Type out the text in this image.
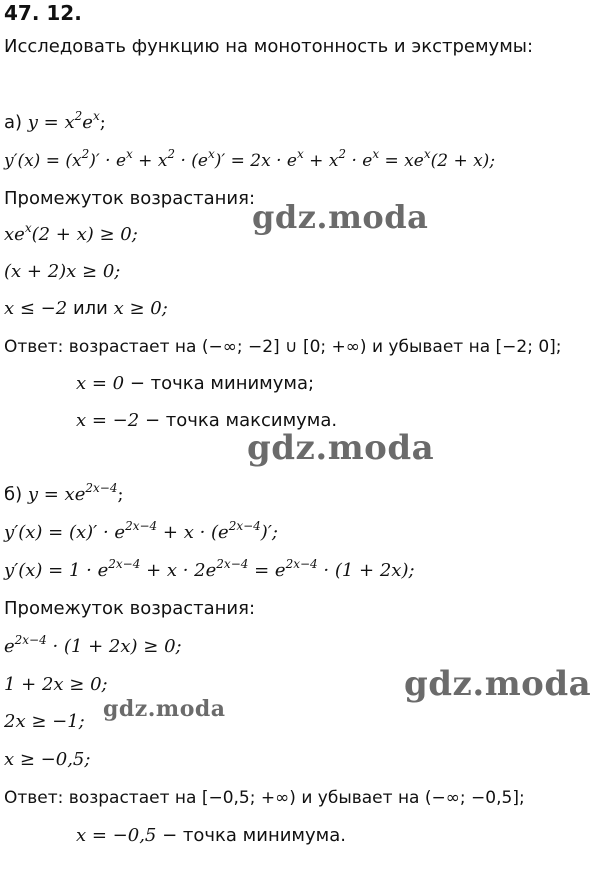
47. 12.
Исследовать функцию на монотонность и экстремумы:
а) $y = x^2e^x$;
$y'(x) = (x^2)' \cdot e^x + x^2 \cdot (e^x)' = 2x \cdot e^x + x^2 \cdot e^x = xe^x(2 + x)$;
Промежуток возрастания:
$xe^x(2 + x) \ge 0$;
(x + 2)x ≥ 0;
x ≤ −2 или x ≥ 0;
Ответ: возрастает на (−∞; −2] ∪ [0; +∞) и убывает на [−2; 0];
x = 0 − точка минимума;
x = −2 − точка максимума.
б) $y = xe^{2x-4}$;
$y'(x) = (x)' \cdot e^{2x-4} + x \cdot (e^{2x-4})'$;
$y'(x) = 1 \cdot e^{2x-4} + x \cdot 2e^{2x-4} = e^{2x-4} \cdot (1 + 2x)$;
Промежуток возрастания:
$e^{2x-4} \cdot (1 + 2x) \ge 0$;
1 + 2x ≥ 0;
2x ≥ −1;
x ≥ −0,5;
Ответ: возрастает на [−0,5; +∞) и убывает на (−∞; −0,5];
x = −0,5 − точка минимума.
gdz.moda
gdz.moda
gdz.moda
gdz.moda
